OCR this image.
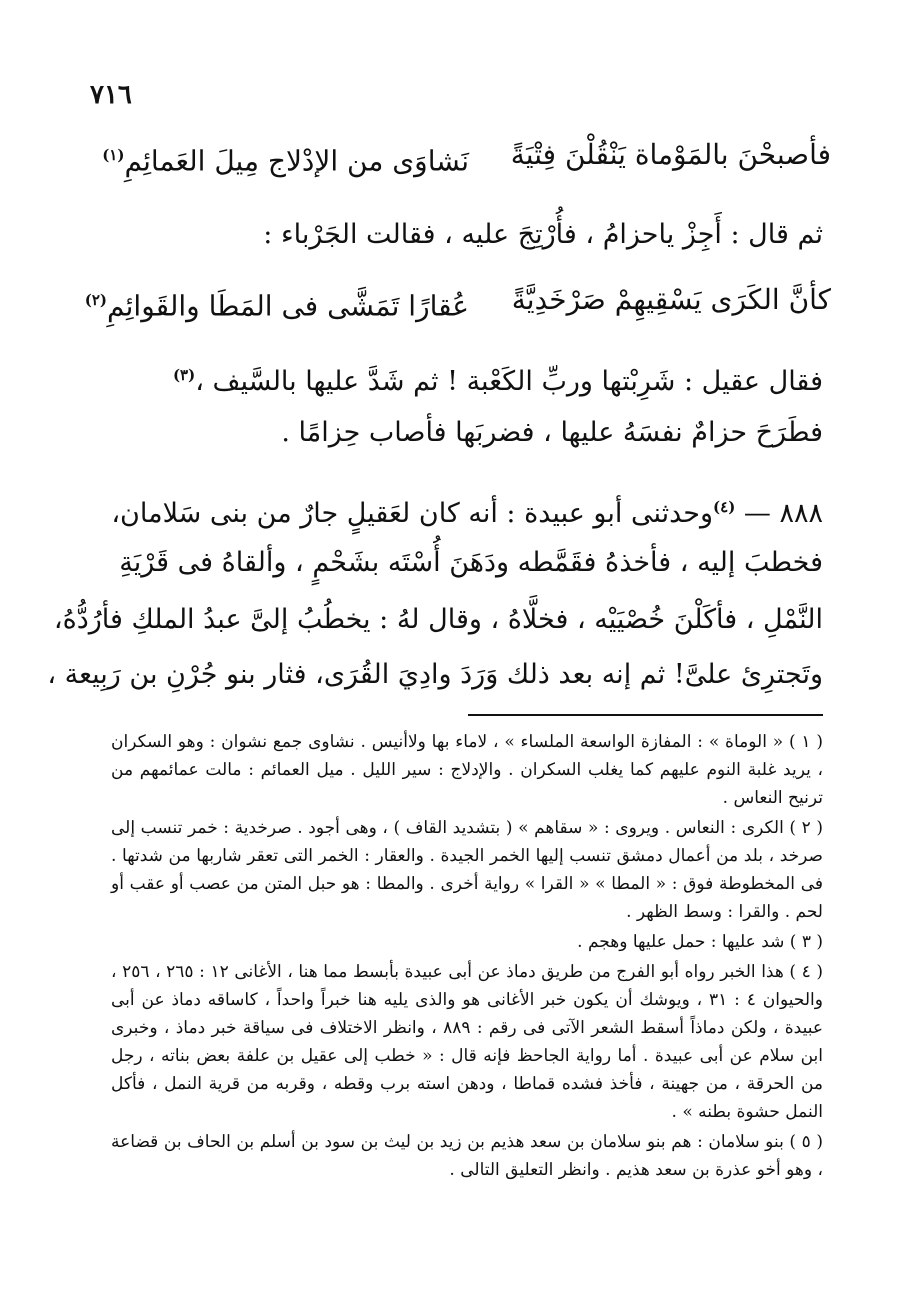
٧١٦
فأصبحْنَ بالمَوْماة يَنْقُلْنَ فِتْيَةً
نَشاوَى من الإدْلاج مِيلَ العَمائِمِ$^{(١)}$
ثم قال : أَجِزْ ياحزامُ ، فأُرْتِجَ عليه ، فقالت الجَرْباء :
كأنَّ الكَرَى يَسْقِيهِمْ صَرْخَدِيَّةً
عُقارًا تَمَشَّى فى المَطَا والقَوائِمِ$^{(٢)}$
فقال عقيل : شَرِبْتها وربِّ الكَعْبة ! ثم شَدَّ عليها بالسَّيف ،$^{(٣)}$
فطَرَحَ حزامٌ نفسَهُ عليها ، فضربَها فأصاب حِزامًا .
٨٨٨ — $^{(٤)}$وحدثنى أبو عبيدة : أنه كان لعَقيلٍ جارٌ من بنى سَلامان،
فخطبَ إليه ، فأخذهُ فقَمَّطه ودَهَنَ أُسْتَه بشَحْمٍ ، وألقاهُ فى قَرْيَةِ
النَّمْلِ ، فأكَلْنَ خُصْيَيْه ، فخلَّاهُ ، وقال لهُ : يخطُبُ إلىَّ عبدُ الملكِ فأرُدُّهُ،
وتَجترِئ علىَّ! ثم إنه بعد ذلك وَرَدَ وادِيَ القُرَى، فثار بنو جُرْنِ بن رَبِيعة ،

( ١ ) « الوماة » : المفازة الواسعة الملساء » ، لاماء بها ولاأنيس . نشاوى جمع نشوان : وهو السكران ، يريد غلبة النوم عليهم كما يغلب السكران . والإدلاج : سير الليل . ميل العمائم : مالت عمائمهم من ترنيح النعاس .

( ٢ ) الكرى : النعاس . ويروى : « سقاهم » ( بتشديد القاف ) ، وهى أجود . صرخدية : خمر تنسب إلى صرخد ، بلد من أعمال دمشق تنسب إليها الخمر الجيدة . والعقار : الخمر التى تعقر شاربها من شدتها . فى المخطوطة فوق : « المطا » « القرا » رواية أخرى . والمطا : هو حبل المتن من عصب أو عقب أو لحم . والقرا : وسط الظهر .

( ٣ ) شد عليها : حمل عليها وهجم .

( ٤ ) هذا الخبر رواه أبو الفرج من طريق دماذ عن أبى عبيدة بأبسط مما هنا ، الأغانى ١٢ : ٢٦٥ ، ٢٥٦ ، والحيوان ٤ : ٣١ ، ويوشك أن يكون خبر الأغانى هو والذى يليه هنا خبراً واحداً ، كاساقه دماذ عن أبى عبيدة ، ولكن دماذاً أسقط الشعر الآتى فى رقم : ٨٨٩ ، وانظر الاختلاف فى سياقة خبر دماذ ، وخبرى ابن سلام عن أبى عبيدة . أما رواية الجاحظ فإنه قال : « خطب إلى عقيل بن علفة بعض بناته ، رجل من الحرقة ، من جهينة ، فأخذ فشده قماطا ، ودهن استه برب وقطه ، وقربه من قرية النمل ، فأكل النمل حشوة بطنه » .

( ٥ ) بنو سلامان : هم بنو سلامان بن سعد هذيم بن زيد بن ليث بن سود بن أسلم بن الحاف بن قضاعة ، وهو أخو عذرة بن سعد هذيم . وانظر التعليق التالى .
